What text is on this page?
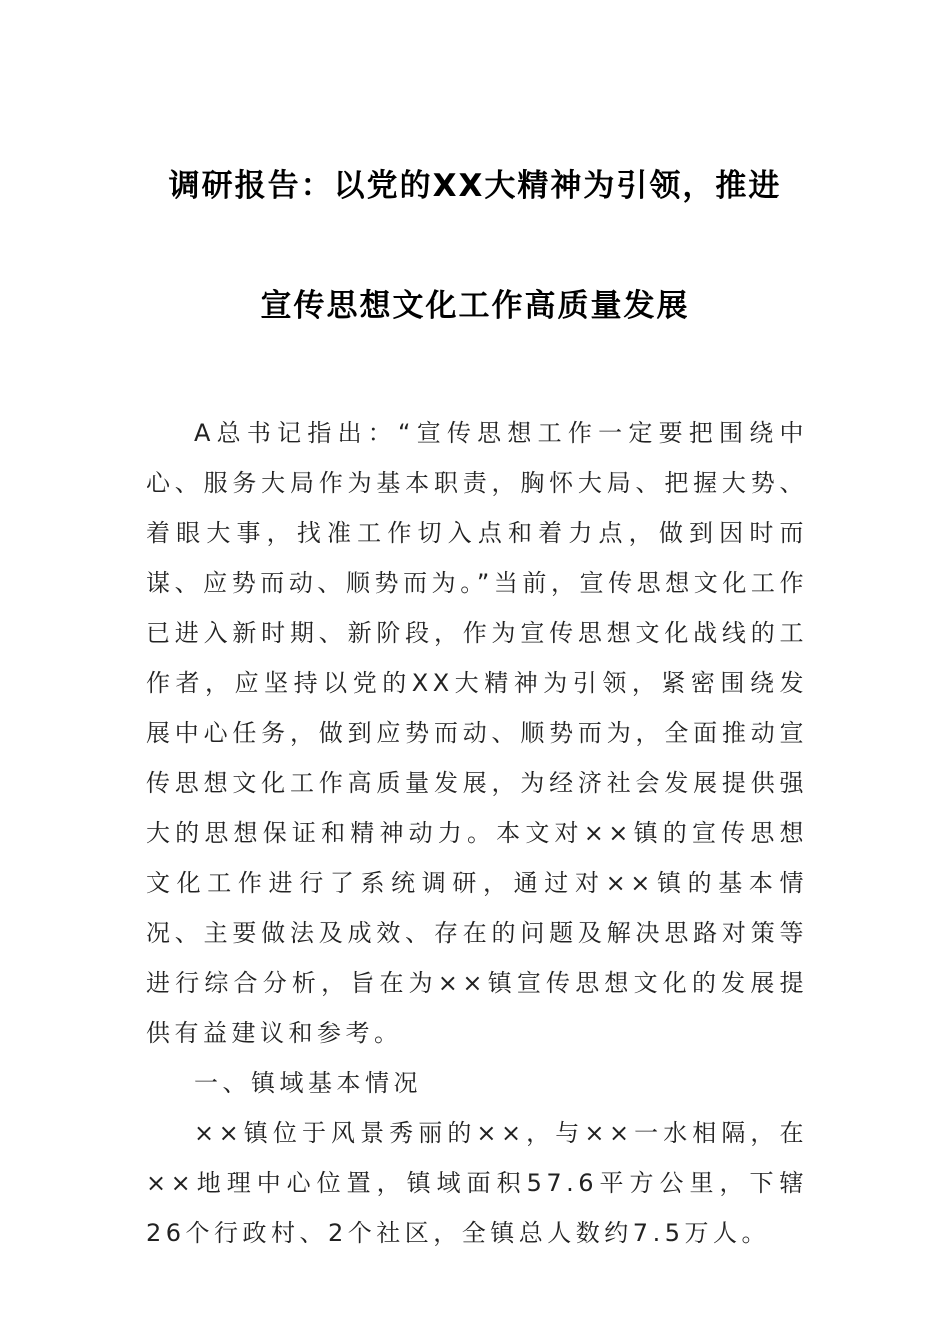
调研报告：以党的XX大精神为引领，推进
宣传思想文化工作高质量发展

A总书记指出：“宣传思想工作一定要把围绕中心、服务大局作为基本职责，胸怀大局、把握大势、着眼大事，找准工作切入点和着力点，做到因时而谋、应势而动、顺势而为。”当前，宣传思想文化工作已进入新时期、新阶段，作为宣传思想文化战线的工作者，应坚持以党的XX大精神为引领，紧密围绕发展中心任务，做到应势而动、顺势而为，全面推动宣传思想文化工作高质量发展，为经济社会发展提供强大的思想保证和精神动力。本文对××镇的宣传思想文化工作进行了系统调研，通过对××镇的基本情况、主要做法及成效、存在的问题及解决思路对策等进行综合分析，旨在为××镇宣传思想文化的发展提供有益建议和参考。

一、镇域基本情况

××镇位于风景秀丽的××，与××一水相隔，在××地理中心位置，镇域面积57.6平方公里，下辖26个行政村、2个社区，全镇总人数约7.5万人。
